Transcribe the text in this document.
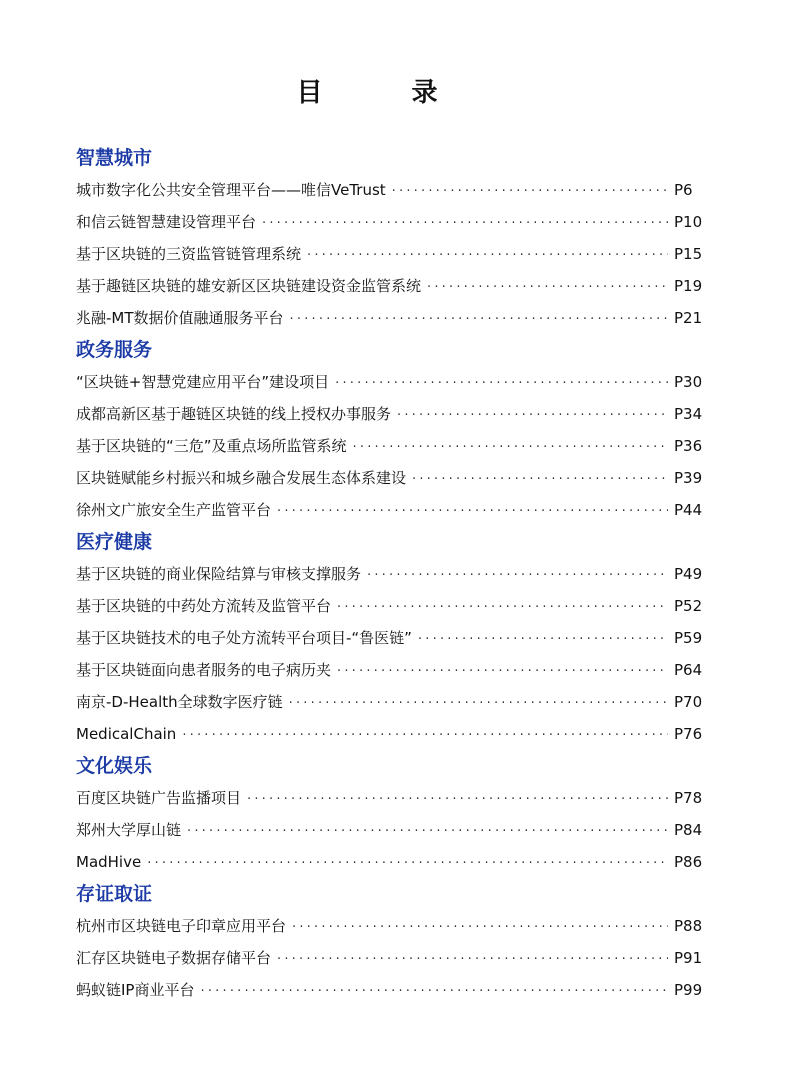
目 录
智慧城市
城市数字化公共安全管理平台——唯信VeTrust ·····	P6
和信云链智慧建设管理平台 ·····	P10
基于区块链的三资监管链管理系统 ·····	P15
基于趣链区块链的雄安新区区块链建设资金监管系统 ·····	P19
兆融-MT数据价值融通服务平台 ·····	P21
政务服务
“区块链+智慧党建应用平台”建设项目 ·····	P30
成都高新区基于趣链区块链的线上授权办事服务 ·····	P34
基于区块链的“三危”及重点场所监管系统 ·····	P36
区块链赋能乡村振兴和城乡融合发展生态体系建设 ·····	P39
徐州文广旅安全生产监管平台 ·····	P44
医疗健康
基于区块链的商业保险结算与审核支撑服务 ·····	P49
基于区块链的中药处方流转及监管平台 ·····	P52
基于区块链技术的电子处方流转平台项目-“鲁医链” ·····	P59
基于区块链面向患者服务的电子病历夹 ·····	P64
南京-D-Health全球数字医疗链 ·····	P70
MedicalChain ·····	P76
文化娱乐
百度区块链广告监播项目 ·····	P78
郑州大学厚山链 ·····	P84
MadHive ·····	P86
存证取证
杭州市区块链电子印章应用平台 ·····	P88
汇存区块链电子数据存储平台 ·····	P91
蚂蚁链IP商业平台 ·····	P99
